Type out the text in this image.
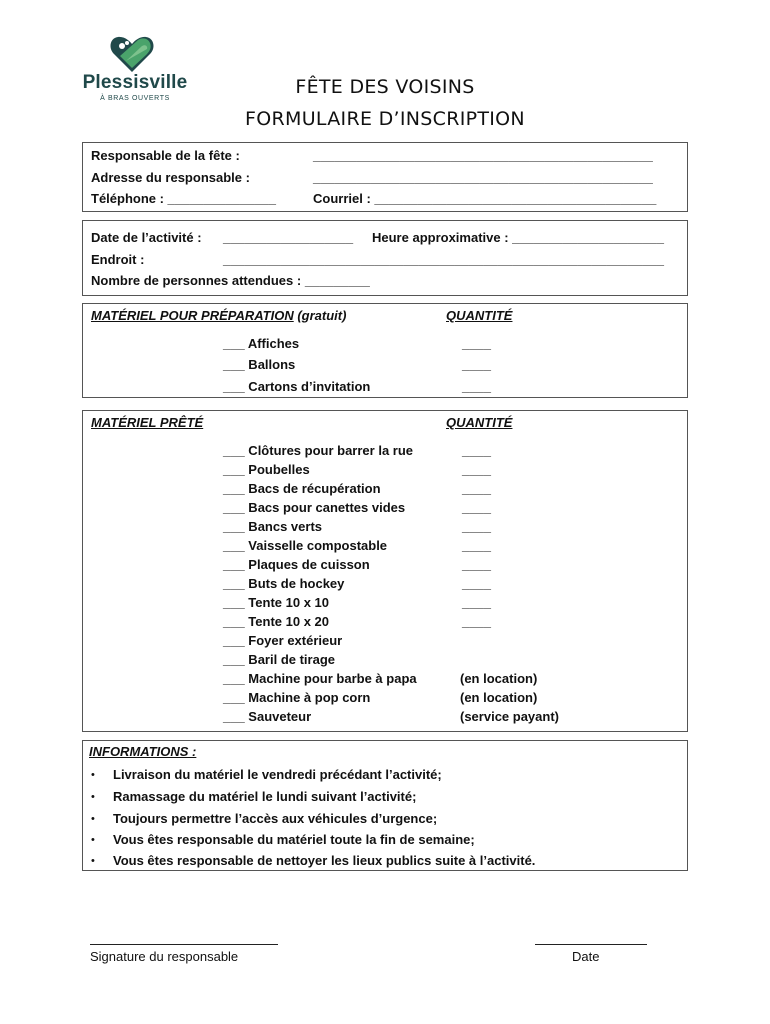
Plessisville
À BRAS OUVERTS
FÊTE DES VOISINS
FORMULAIRE D’INSCRIPTION
Responsable de la fête :	_______________________________________________
Adresse du responsable :	_______________________________________________
Téléphone : _______________	Courriel : _______________________________________
Date de l’activité : __________________ Heure approximative : _____________________
Endroit :	_____________________________________________________________
Nombre de personnes attendues : _________
MATÉRIEL POUR PRÉPARATION (gratuit)	QUANTITÉ
___ Affiches	____
___ Ballons	____
___ Cartons d’invitation	____
MATÉRIEL PRÊTÉ	QUANTITÉ
___ Clôtures pour barrer la rue	____
___ Poubelles	____
___ Bacs de récupération	____
___ Bacs pour canettes vides	____
___ Bancs verts	____
___ Vaisselle compostable	____
___ Plaques de cuisson	____
___ Buts de hockey	____
___ Tente 10 x 10	____
___ Tente 10 x 20	____
___ Foyer extérieur
___ Baril de tirage
___ Machine pour barbe à papa	(en location)
___ Machine à pop corn	(en location)
___ Sauveteur	(service payant)
INFORMATIONS :
• Livraison du matériel le vendredi précédant l’activité;
• Ramassage du matériel le lundi suivant l’activité;
• Toujours permettre l’accès aux véhicules d’urgence;
• Vous êtes responsable du matériel toute la fin de semaine;
• Vous êtes responsable de nettoyer les lieux publics suite à l’activité.
Signature du responsable	Date
